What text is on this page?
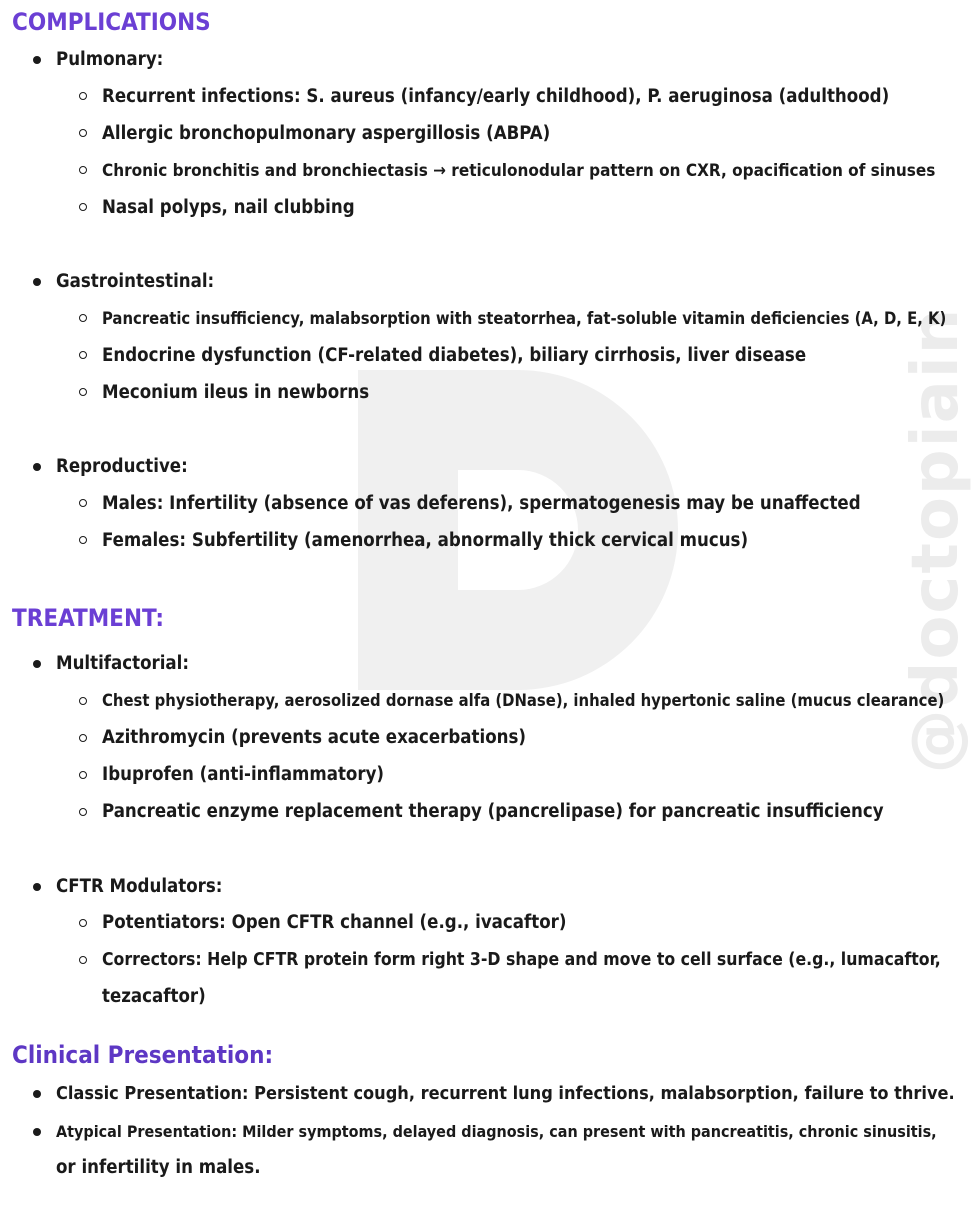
@doctopiain
COMPLICATIONS
Pulmonary:
Recurrent infections: S. aureus (infancy/early childhood), P. aeruginosa (adulthood)
Allergic bronchopulmonary aspergillosis (ABPA)
Chronic bronchitis and bronchiectasis → reticulonodular pattern on CXR, opacification of sinuses
Nasal polyps, nail clubbing
Gastrointestinal:
Pancreatic insufficiency, malabsorption with steatorrhea, fat-soluble vitamin deficiencies (A, D, E, K)
Endocrine dysfunction (CF-related diabetes), biliary cirrhosis, liver disease
Meconium ileus in newborns
Reproductive:
Males: Infertility (absence of vas deferens), spermatogenesis may be unaffected
Females: Subfertility (amenorrhea, abnormally thick cervical mucus)
TREATMENT:
Multifactorial:
Chest physiotherapy, aerosolized dornase alfa (DNase), inhaled hypertonic saline (mucus clearance)
Azithromycin (prevents acute exacerbations)
Ibuprofen (anti-inflammatory)
Pancreatic enzyme replacement therapy (pancrelipase) for pancreatic insufficiency
CFTR Modulators:
Potentiators: Open CFTR channel (e.g., ivacaftor)
Correctors: Help CFTR protein form right 3-D shape and move to cell surface (e.g., lumacaftor,
tezacaftor)
Clinical Presentation:
Classic Presentation: Persistent cough, recurrent lung infections, malabsorption, failure to thrive.
Atypical Presentation: Milder symptoms, delayed diagnosis, can present with pancreatitis, chronic sinusitis,
or infertility in males.
